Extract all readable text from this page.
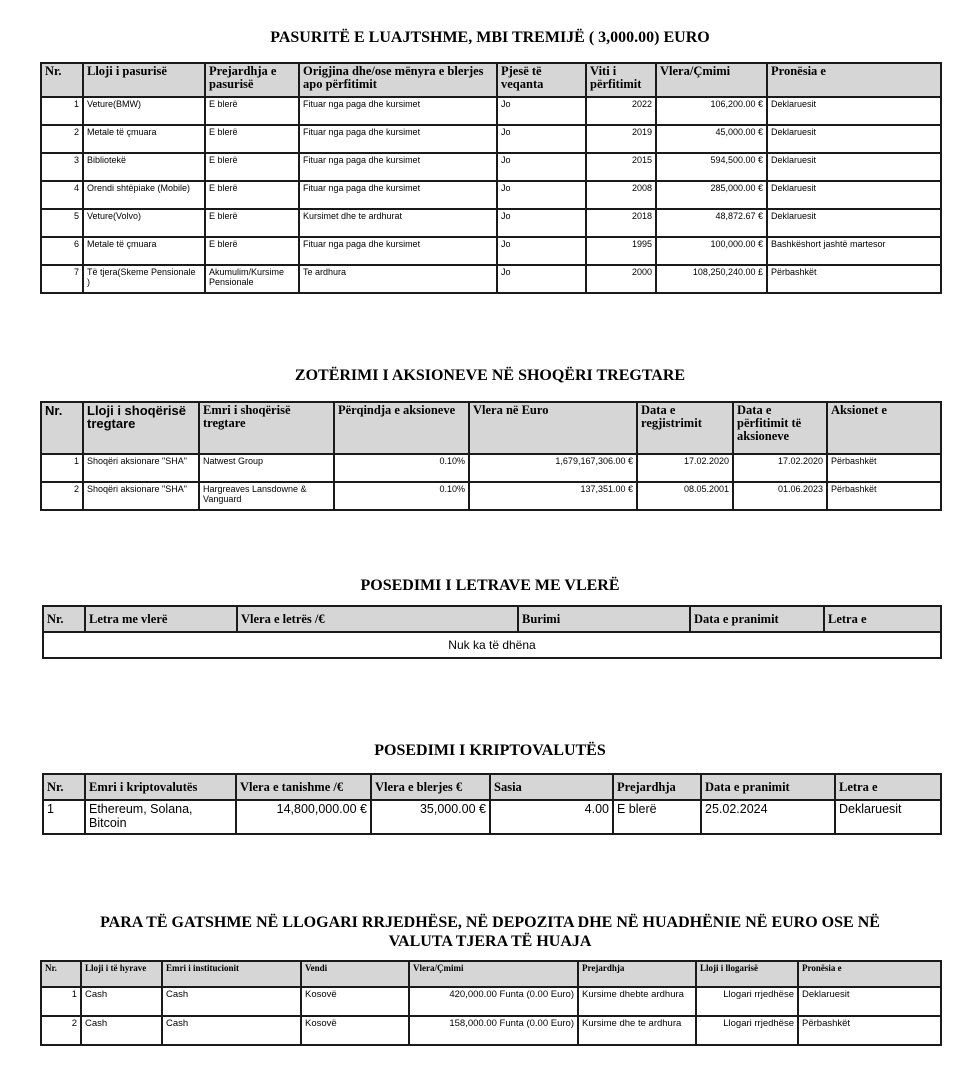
PASURITË E LUAJTSHME, MBI TREMIJË ( 3,000.00) EURO
Nr.	Lloji i pasurisë	Prejardhja e pasurisë	Origjina dhe/ose mënyra e blerjes apo përfitimit	Pjesë të veqanta	Viti i përfitimit	Vlera/Çmimi	Pronësia e
1	Veture(BMW)	E blerë	Fituar nga paga dhe kursimet	Jo	2022	106,200.00 €	Deklaruesit
2	Metale të çmuara	E blerë	Fituar nga paga dhe kursimet	Jo	2019	45,000.00 €	Deklaruesit
3	Bibliotekë	E blerë	Fituar nga paga dhe kursimet	Jo	2015	594,500.00 €	Deklaruesit
4	Orendi shtëpiake (Mobile)	E blerë	Fituar nga paga dhe kursimet	Jo	2008	285,000.00 €	Deklaruesit
5	Veture(Volvo)	E blerë	Kursimet dhe te ardhurat	Jo	2018	48,872.67 €	Deklaruesit
6	Metale të çmuara	E blerë	Fituar nga paga dhe kursimet	Jo	1995	100,000.00 €	Bashkëshort jashtë martesor
7	Të tjera(Skeme Pensionale )	Akumulim/Kursime Pensionale	Te ardhura	Jo	2000	108,250,240.00 £	Përbashkët
ZOTËRIMI I AKSIONEVE NË SHOQËRI TREGTARE
Nr.	Lloji i shoqërisë tregtare	Emri i shoqërisë tregtare	Përqindja e aksioneve	Vlera në Euro	Data e regjistrimit	Data e përfitimit të aksioneve	Aksionet e
1	Shoqëri aksionare "SHA"	Natwest Group	0.10%	1,679,167,306.00 €	17.02.2020	17.02.2020	Përbashkët
2	Shoqëri aksionare "SHA"	Hargreaves Lansdowne & Vanguard	0.10%	137,351.00 €	08.05.2001	01.06.2023	Përbashkët
POSEDIMI I LETRAVE ME VLERË
Nr.	Letra me vlerë	Vlera e letrës /€	Burimi	Data e pranimit	Letra e
Nuk ka të dhëna
POSEDIMI I KRIPTOVALUTËS
Nr.	Emri i kriptovalutës	Vlera e tanishme /€	Vlera e blerjes €	Sasia	Prejardhja	Data e pranimit	Letra e
1	Ethereum, Solana, Bitcoin	14,800,000.00 €	35,000.00 €	4.00	E blerë	25.02.2024	Deklaruesit
PARA TË GATSHME NË LLOGARI RRJEDHËSE, NË DEPOZITA DHE NË HUADHËNIE NË EURO OSE NË
VALUTA TJERA TË HUAJA
Nr.	Lloji i të hyrave	Emri i institucionit	Vendi	Vlera/Çmimi	Prejardhja	Lloji i llogarisë	Pronësia e
1	Cash	Cash	Kosovë	420,000.00 Funta (0.00 Euro)	Kursime dhebte ardhura	Llogari rrjedhëse	Deklaruesit
2	Cash	Cash	Kosovë	158,000.00 Funta (0.00 Euro)	Kursime dhe te ardhura	Llogari rrjedhëse	Përbashkët
